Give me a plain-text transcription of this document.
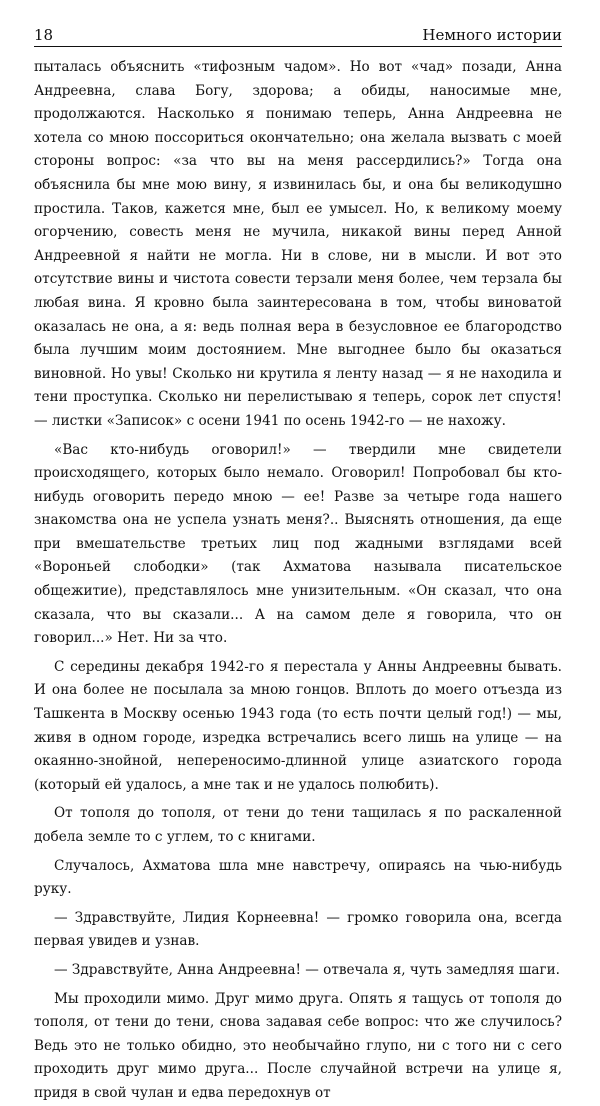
18	Немного истории

пыталась объяснить «тифозным чадом». Но вот «чад» позади, Анна Андреевна, слава Богу, здорова; а обиды, наносимые мне, продолжаются. Насколько я понимаю теперь, Анна Андреевна не хотела со мною поссориться окончательно; она желала вызвать с моей стороны вопрос: «за что вы на меня рассердились?» Тогда она объяснила бы мне мою вину, я извинилась бы, и она бы великодушно простила. Таков, кажется мне, был ее умысел. Но, к великому моему огорчению, совесть меня не мучила, никакой вины перед Анной Андреевной я найти не могла. Ни в слове, ни в мысли. И вот это отсутствие вины и чистота совести терзали меня более, чем терзала бы любая вина. Я кровно была заинтересована в том, чтобы виноватой оказалась не она, а я: ведь полная вера в безусловное ее благородство была лучшим моим достоянием. Мне выгоднее было бы оказаться виновной. Но увы! Сколько ни крутила я ленту назад — я не находила и тени проступка. Сколько ни перелистываю я теперь, сорок лет спустя! — листки «Записок» с осени 1941 по осень 1942-го — не нахожу.

«Вас кто-нибудь оговорил!» — твердили мне свидетели происходящего, которых было немало. Оговорил! Попробовал бы кто-нибудь оговорить передо мною — ее! Разве за четыре года нашего знакомства она не успела узнать меня?.. Выяснять отношения, да еще при вмешательстве третьих лиц под жадными взглядами всей «Вороньей слободки» (так Ахматова называла писательское общежитие), представлялось мне унизительным. «Он сказал, что она сказала, что вы сказали... А на самом деле я говорила, что он говорил...» Нет. Ни за что.

С середины декабря 1942-го я перестала у Анны Андреевны бывать. И она более не посылала за мною гонцов. Вплоть до моего отъезда из Ташкента в Москву осенью 1943 года (то есть почти целый год!) — мы, живя в одном городе, изредка встречались всего лишь на улице — на окаянно-знойной, непереносимо-длинной улице азиатского города (который ей удалось, а мне так и не удалось полюбить).

От тополя до тополя, от тени до тени тащилась я по раскаленной добела земле то с углем, то с книгами.

Случалось, Ахматова шла мне навстречу, опираясь на чью-нибудь руку.

— Здравствуйте, Лидия Корнеевна! — громко говорила она, всегда первая увидев и узнав.

— Здравствуйте, Анна Андреевна! — отвечала я, чуть замедляя шаги.

Мы проходили мимо. Друг мимо друга. Опять я тащусь от тополя до тополя, от тени до тени, снова задавая себе вопрос: что же случилось? Ведь это не только обидно, это необычайно глупо, ни с того ни с сего проходить друг мимо друга... После случайной встречи на улице я, придя в свой чулан и едва передохнув от
